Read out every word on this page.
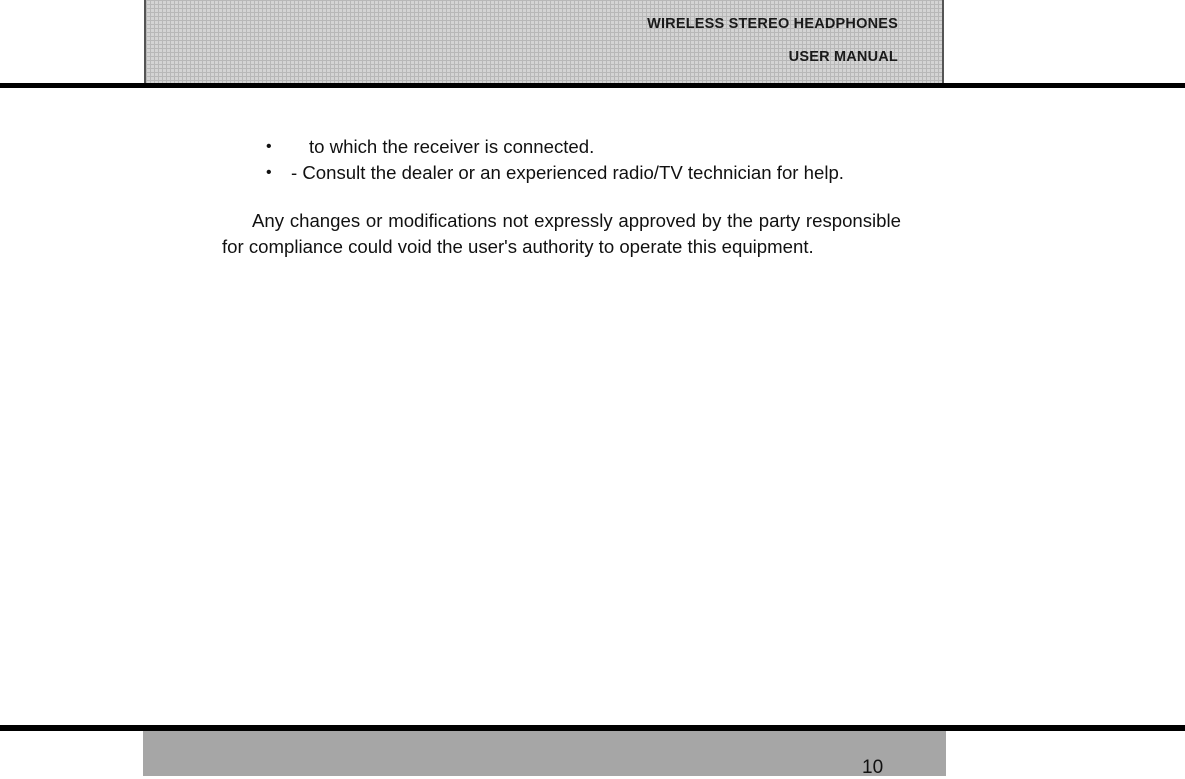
WIRELESS STEREO HEADPHONES
USER MANUAL
• to which the receiver is connected.
• - Consult the dealer or an experienced radio/TV technician for help.

Any changes or modifications not expressly approved by the party responsible for compliance could void the user's authority to operate this equipment.

10
